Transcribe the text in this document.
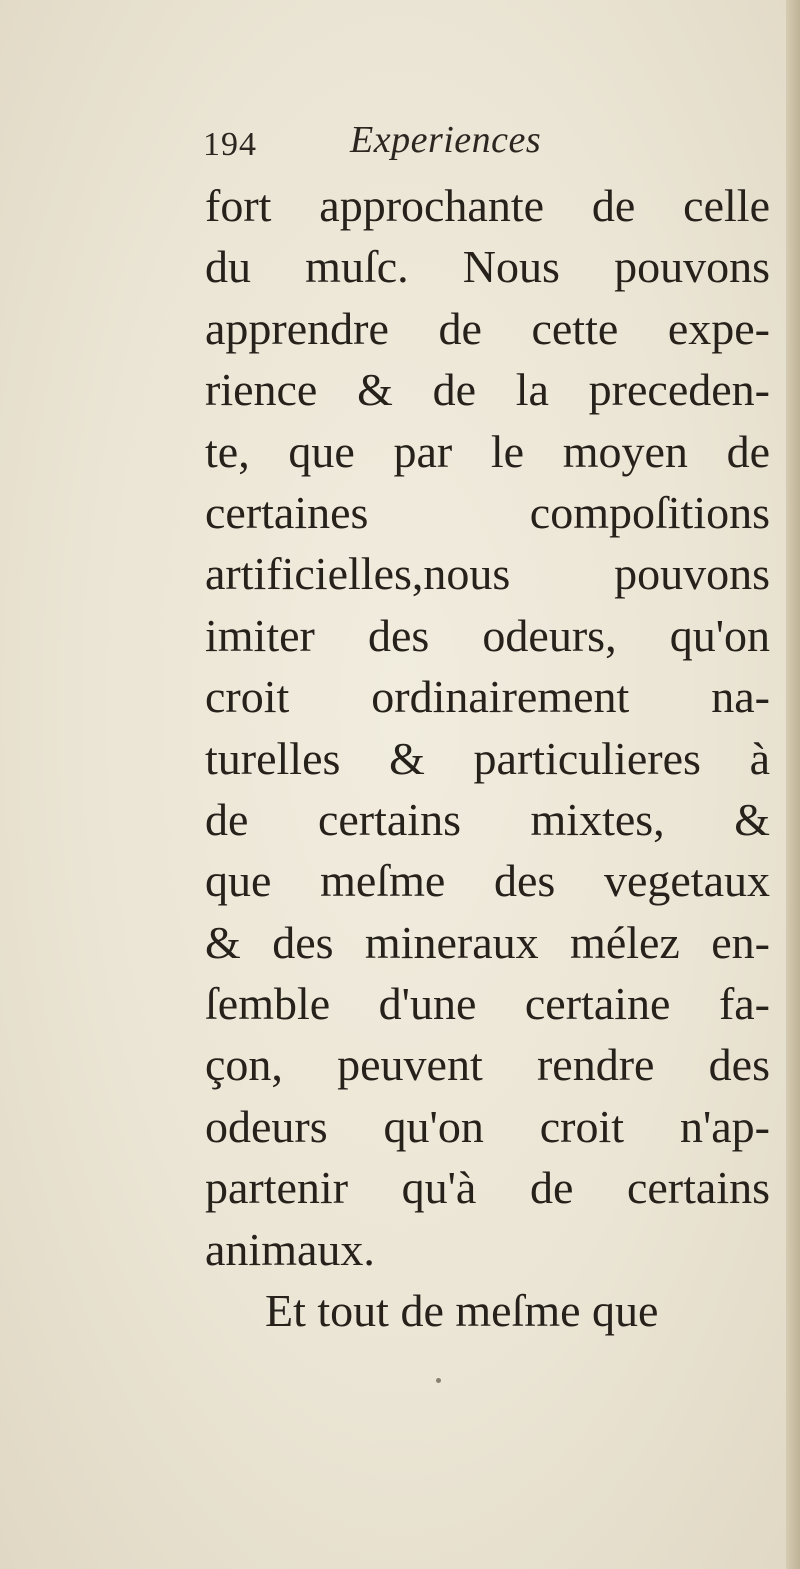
194 Experiences
fort approchante de celle
du muſc. Nous pouvons
apprendre de cette expe-
rience & de la preceden-
te, que par le moyen de
certaines compoſitions
artificielles,nous pouvons
imiter des odeurs, qu'on
croit ordinairement na-
turelles & particulieres à
de certains mixtes, &
que meſme des vegetaux
& des mineraux mélez en-
ſemble d'une certaine fa-
çon, peuvent rendre des
odeurs qu'on croit n'ap-
partenir qu'à de certains
animaux.
Et tout de meſme que
